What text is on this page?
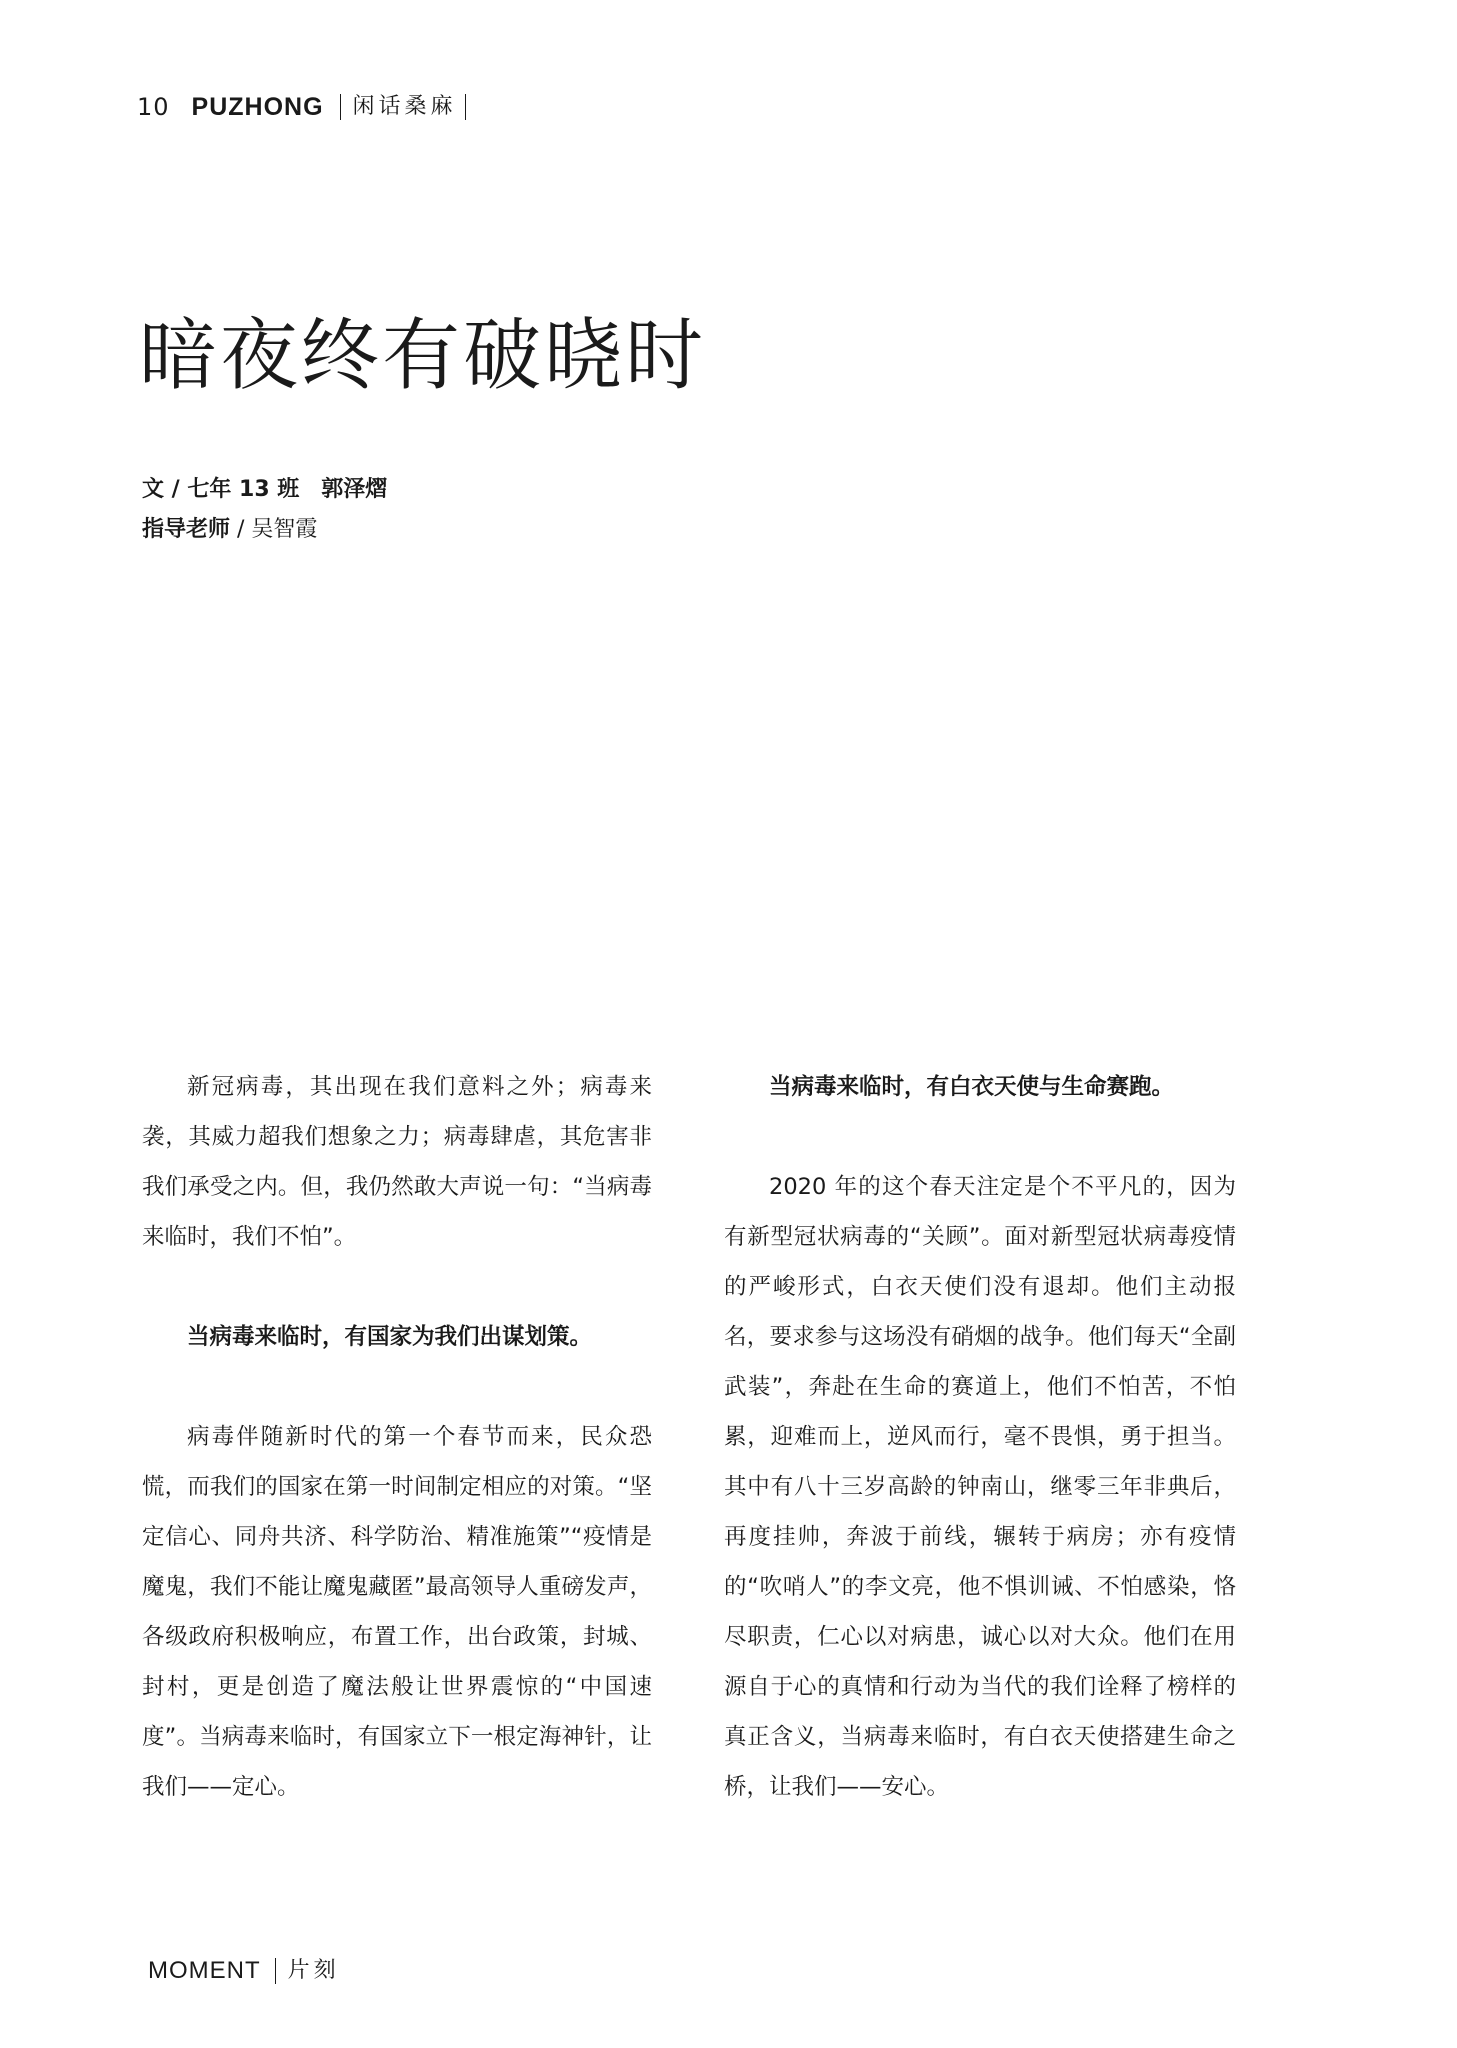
10 PUZHONG 闲话桑麻
暗夜终有破晓时
文 / 七年 13 班　郭泽熠
指导老师 / 吴智霞

新冠病毒，其出现在我们意料之外；病毒来袭，其威力超我们想象之力；病毒肆虐，其危害非我们承受之内。但，我仍然敢大声说一句：“当病毒来临时，我们不怕”。

当病毒来临时，有国家为我们出谋划策。

病毒伴随新时代的第一个春节而来，民众恐慌，而我们的国家在第一时间制定相应的对策。“坚定信心、同舟共济、科学防治、精准施策”“疫情是魔鬼，我们不能让魔鬼藏匿”最高领导人重磅发声，各级政府积极响应，布置工作，出台政策，封城、封村，更是创造了魔法般让世界震惊的“中国速度”。当病毒来临时，有国家立下一根定海神针，让我们——定心。

当病毒来临时，有白衣天使与生命赛跑。

2020 年的这个春天注定是个不平凡的，因为有新型冠状病毒的“关顾”。面对新型冠状病毒疫情的严峻形式，白衣天使们没有退却。他们主动报名，要求参与这场没有硝烟的战争。他们每天“全副武装”，奔赴在生命的赛道上，他们不怕苦，不怕累，迎难而上，逆风而行，毫不畏惧，勇于担当。其中有八十三岁高龄的钟南山，继零三年非典后，再度挂帅，奔波于前线，辗转于病房；亦有疫情的“吹哨人”的李文亮，他不惧训诫、不怕感染，恪尽职责，仁心以对病患，诚心以对大众。他们在用源自于心的真情和行动为当代的我们诠释了榜样的真正含义，当病毒来临时，有白衣天使搭建生命之桥，让我们——安心。

MOMENT 片刻
